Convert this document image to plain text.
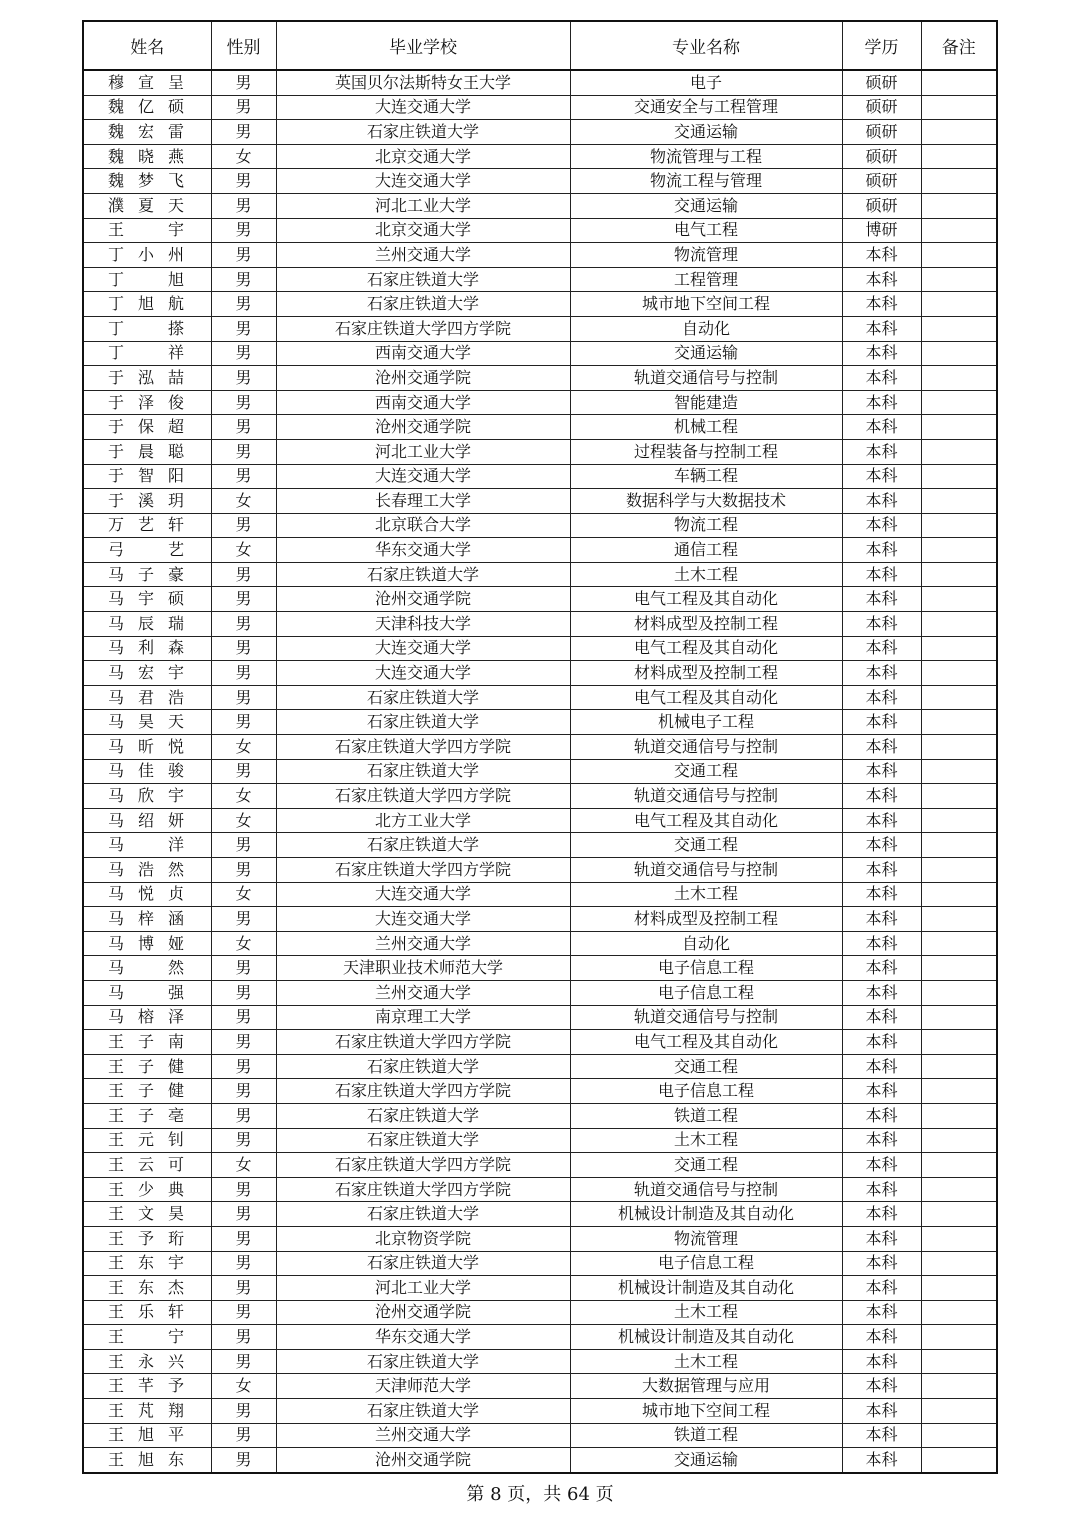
姓名	性别	毕业学校	专业名称	学历	备注

穆宣呈	男	英国贝尔法斯特女王大学	电子	硕研	

魏亿硕	男	大连交通大学	交通安全与工程管理	硕研	

魏宏雷	男	石家庄铁道大学	交通运输	硕研	

魏晓燕	女	北京交通大学	物流管理与工程	硕研	

魏梦飞	男	大连交通大学	物流工程与管理	硕研	

濮夏天	男	河北工业大学	交通运输	硕研	

王　宇	男	北京交通大学	电气工程	博研	

丁小州	男	兰州交通大学	物流管理	本科	

丁　旭	男	石家庄铁道大学	工程管理	本科	

丁旭航	男	石家庄铁道大学	城市地下空间工程	本科	

丁　搽	男	石家庄铁道大学四方学院	自动化	本科	

丁　祥	男	西南交通大学	交通运输	本科	

于泓喆	男	沧州交通学院	轨道交通信号与控制	本科	

于泽俊	男	西南交通大学	智能建造	本科	

于保超	男	沧州交通学院	机械工程	本科	

于晨聪	男	河北工业大学	过程装备与控制工程	本科	

于智阳	男	大连交通大学	车辆工程	本科	

于溪玥	女	长春理工大学	数据科学与大数据技术	本科	

万艺轩	男	北京联合大学	物流工程	本科	

弓　艺	女	华东交通大学	通信工程	本科	

马子豪	男	石家庄铁道大学	土木工程	本科	

马宇硕	男	沧州交通学院	电气工程及其自动化	本科	

马辰瑞	男	天津科技大学	材料成型及控制工程	本科	

马利森	男	大连交通大学	电气工程及其自动化	本科	

马宏宇	男	大连交通大学	材料成型及控制工程	本科	

马君浩	男	石家庄铁道大学	电气工程及其自动化	本科	

马昊天	男	石家庄铁道大学	机械电子工程	本科	

马昕悦	女	石家庄铁道大学四方学院	轨道交通信号与控制	本科	

马佳骏	男	石家庄铁道大学	交通工程	本科	

马欣宇	女	石家庄铁道大学四方学院	轨道交通信号与控制	本科	

马绍妍	女	北方工业大学	电气工程及其自动化	本科	

马　洋	男	石家庄铁道大学	交通工程	本科	

马浩然	男	石家庄铁道大学四方学院	轨道交通信号与控制	本科	

马悦贞	女	大连交通大学	土木工程	本科	

马梓涵	男	大连交通大学	材料成型及控制工程	本科	

马博娅	女	兰州交通大学	自动化	本科	

马　然	男	天津职业技术师范大学	电子信息工程	本科	

马　强	男	兰州交通大学	电子信息工程	本科	

马榕泽	男	南京理工大学	轨道交通信号与控制	本科	

王子南	男	石家庄铁道大学四方学院	电气工程及其自动化	本科	

王子健	男	石家庄铁道大学	交通工程	本科	

王子健	男	石家庄铁道大学四方学院	电子信息工程	本科	

王子亳	男	石家庄铁道大学	铁道工程	本科	

王元钊	男	石家庄铁道大学	土木工程	本科	

王云可	女	石家庄铁道大学四方学院	交通工程	本科	

王少典	男	石家庄铁道大学四方学院	轨道交通信号与控制	本科	

王文昊	男	石家庄铁道大学	机械设计制造及其自动化	本科	

王予珩	男	北京物资学院	物流管理	本科	

王东宇	男	石家庄铁道大学	电子信息工程	本科	

王东杰	男	河北工业大学	机械设计制造及其自动化	本科	

王乐轩	男	沧州交通学院	土木工程	本科	

王　宁	男	华东交通大学	机械设计制造及其自动化	本科	

王永兴	男	石家庄铁道大学	土木工程	本科	

王芊予	女	天津师范大学	大数据管理与应用	本科	

王芃翔	男	石家庄铁道大学	城市地下空间工程	本科	

王旭平	男	兰州交通大学	铁道工程	本科	

王旭东	男	沧州交通学院	交通运输	本科	
第 8 页，共 64 页
